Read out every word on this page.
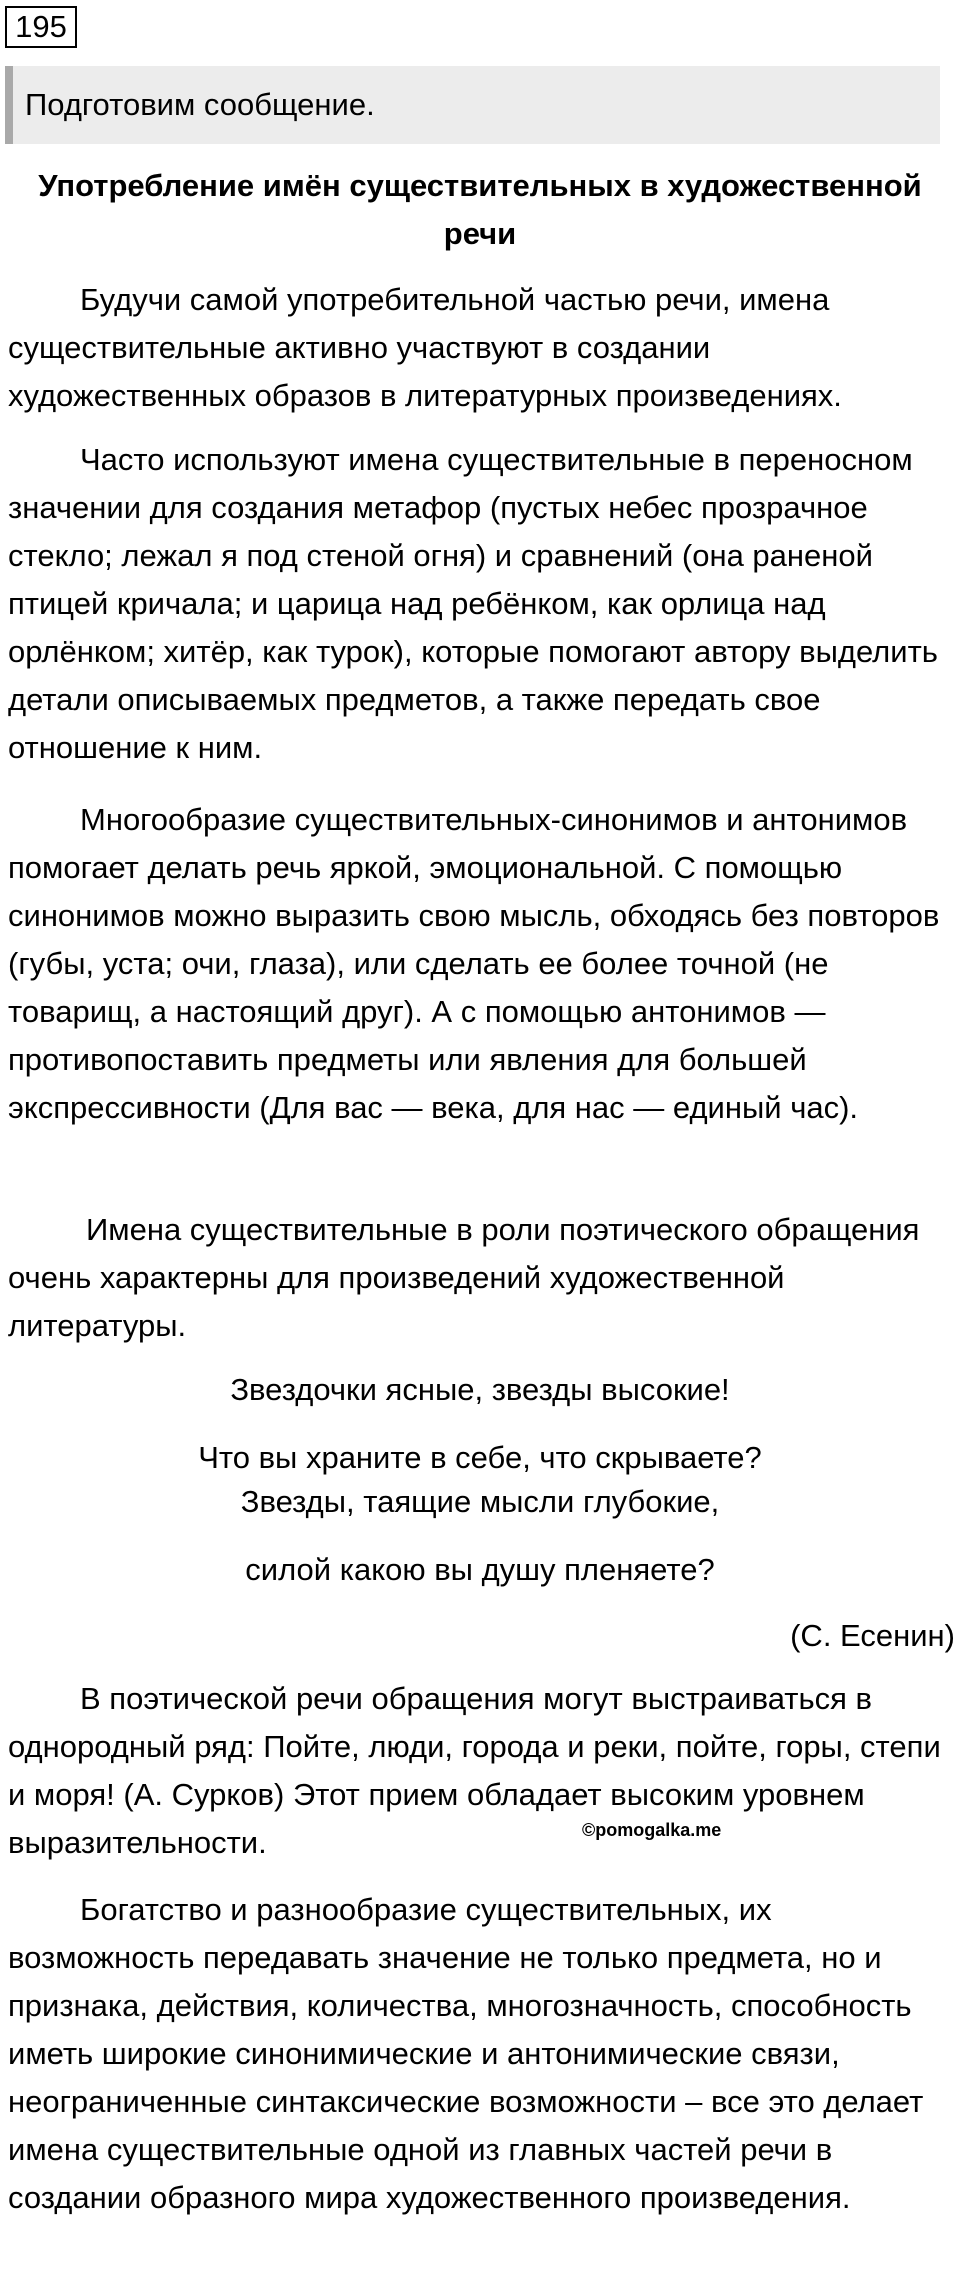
195
Подготовим сообщение.
Употребление имён существительных в художественной речи
Будучи самой употребительной частью речи, имена существительные активно участвуют в создании художественных образов в литературных произведениях.
Часто используют имена существительные в переносном значении для создания метафор (пустых небес прозрачное стекло; лежал я под стеной огня) и сравнений (она раненой птицей кричала; и царица над ребёнком, как орлица над орлёнком; хитёр, как турок), которые помогают автору выделить детали описываемых предметов, а также передать свое отношение к ним.
Многообразие существительных-синонимов и антонимов помогает делать речь яркой, эмоциональной. С помощью синонимов можно выразить свою мысль, обходясь без повторов (губы, уста; очи, глаза), или сделать ее более точной (не товарищ, а настоящий друг). А с помощью антонимов — противопоставить предметы или явления для большей экспрессивности (Для вас — века, для нас — единый час).
Имена существительные в роли поэтического обращения очень характерны для произведений художественной литературы.
Звездочки ясные, звезды высокие!
Что вы храните в себе, что скрываете?
Звезды, таящие мысли глубокие,
силой какою вы душу пленяете?
(С. Есенин)
В поэтической речи обращения могут выстраиваться в однородный ряд: Пойте, люди, города и реки, пойте, горы, степи и моря! (А. Сурков) Этот прием обладает высоким уровнем выразительности.	©pomogalka.me
Богатство и разнообразие существительных, их возможность передавать значение не только предмета, но и признака, действия, количества, многозначность, способность иметь широкие синонимические и антонимические связи, неограниченные синтаксические возможности – все это делает имена существительные одной из главных частей речи в создании образного мира художественного произведения.
